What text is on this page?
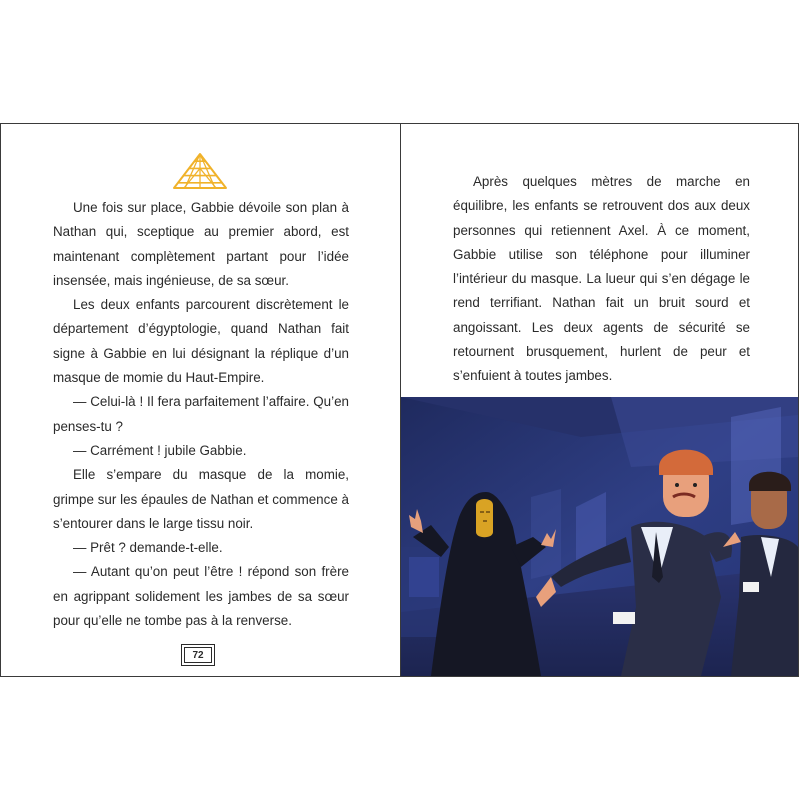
Une fois sur place, Gabbie dévoile son plan à Nathan qui, sceptique au premier abord, est maintenant complètement partant pour l’idée insensée, mais ingénieuse, de sa sœur.

Les deux enfants parcourent discrètement le département d’égyptologie, quand Nathan fait signe à Gabbie en lui désignant la réplique d’un masque de momie du Haut-Empire.

— Celui-là ! Il fera parfaitement l’affaire. Qu’en penses-tu ?

— Carrément ! jubile Gabbie.

Elle s’empare du masque de la momie, grimpe sur les épaules de Nathan et commence à s’entourer dans le large tissu noir.

— Prêt ? demande-t-elle.

— Autant qu’on peut l’être ! répond son frère en agrippant solidement les jambes de sa sœur pour qu’elle ne tombe pas à la renverse.

72

Après quelques mètres de marche en équilibre, les enfants se retrouvent dos aux deux personnes qui retiennent Axel. À ce moment, Gabbie utilise son téléphone pour illuminer l’intérieur du masque. La lueur qui s’en dégage le rend terrifiant. Nathan fait un bruit sourd et angoissant. Les deux agents de sécurité se retournent brusquement, hurlent de peur et s’enfuient à toutes jambes.
